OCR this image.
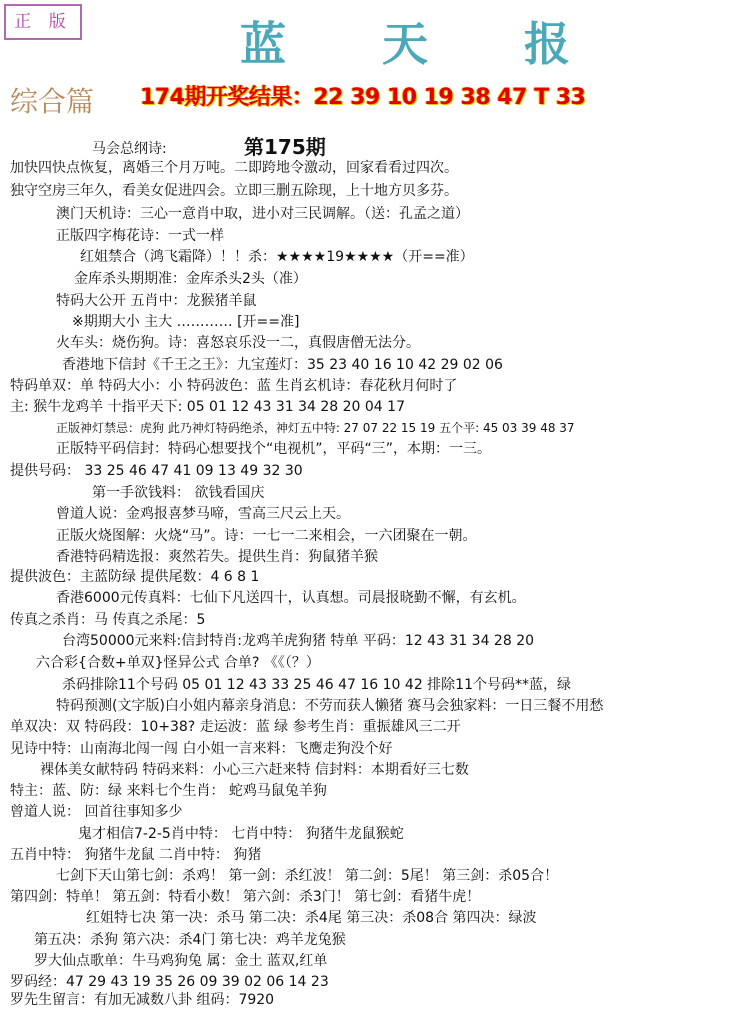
正 版	蓝 天 报
综合篇 174期开奖结果：22 39 10 19 38 47 T 33
第175期
马会总纲诗:
加快四快点恢复，离婚三个月万吨。二即跨地令激动，回家看看过四次。
独守空房三年久，看美女促进四会。立即三删五除现，上十地方贝多芬。
澳门天机诗：三心一意肖中取，进小对三民调解。（送：孔孟之道）
正版四字梅花诗：一式一样
红姐禁合（鸿飞霜降）！！杀：★★★★19★★★★（开==准）
金库杀头期期准：金库杀头2头（准）
特码大公开 五肖中：龙猴猪羊鼠
※期期大小 主大 ………… [开==准]
火车头：烧伤狗。诗：喜怒哀乐没一二，真假唐僧无法分。
香港地下信封《千王之王》：九宝莲灯：35 23 40 16 10 42 29 02 06
特码单双：单 特码大小：小 特码波色：蓝 生肖玄机诗：春花秋月何时了
主: 猴牛龙鸡羊 十指平天下: 05 01 12 43 31 34 28 20 04 17
正版神灯禁忌：虎狗 此乃神灯特码绝杀，神灯五中特: 27 07 22 15 19 五个平: 45 03 39 48 37
正版特平码信封：特码心想要找个“电视机”，平码“三”，本期：一三。
提供号码： 33 25 46 47 41 09 13 49 32 30
第一手欲钱料： 欲钱看国庆
曾道人说：金鸡报喜梦马啼，雪高三尺云上天。
正版火烧图解：火烧“马”。诗：一七一二来相会，一六团聚在一朝。
香港特码精选报：爽然若失。提供生肖：狗鼠猪羊猴
提供波色：主蓝防绿 提供尾数：4 6 8 1
香港6000元传真料：七仙下凡送四十，认真想。司晨报晓勤不懈，有玄机。
传真之杀肖：马 传真之杀尾：5
台湾50000元来料:信封特肖:龙鸡羊虎狗猪 特单 平码：12 43 31 34 28 20
六合彩{合数+单双}怪异公式 合单? 《《（？）
杀码排除11个号码 05 01 12 43 33 25 46 47 16 10 42 排除11个号码**蓝，绿
特码预测(文字版)白小姐内幕亲身消息：不劳而获人懒猪 赛马会独家料：一日三餐不用愁
单双决：双 特码段：10+38? 走运波：蓝 绿 参考生肖：重振雄风三二开
见诗中特：山南海北闯一闯 白小姐一言来料：飞鹰走狗没个好
裸体美女献特码 特码来料：小心三六赶来特 信封料：本期看好三七数
特主：蓝、防：绿 来料七个生肖： 蛇鸡马鼠兔羊狗
曾道人说： 回首往事知多少
鬼才相信7-2-5肖中特： 七肖中特： 狗猪牛龙鼠猴蛇
五肖中特： 狗猪牛龙鼠 二肖中特： 狗猪
七剑下天山第七剑：杀鸡！ 第一剑：杀红波！ 第二剑：5尾！ 第三剑：杀05合！
第四剑：特单！ 第五剑：特看小数！ 第六剑：杀3门！ 第七剑：看猪牛虎！
红姐特七决 第一决：杀马 第二决：杀4尾 第三决：杀08合 第四决：绿波
第五决：杀狗 第六决：杀4门 第七决：鸡羊龙兔猴
罗大仙点歌单：牛马鸡狗兔 属：金土 蓝双,红单
罗码经：47 29 43 19 35 26 09 39 02 06 14 23
罗先生留言：有加无减数八卦 组码：7920
